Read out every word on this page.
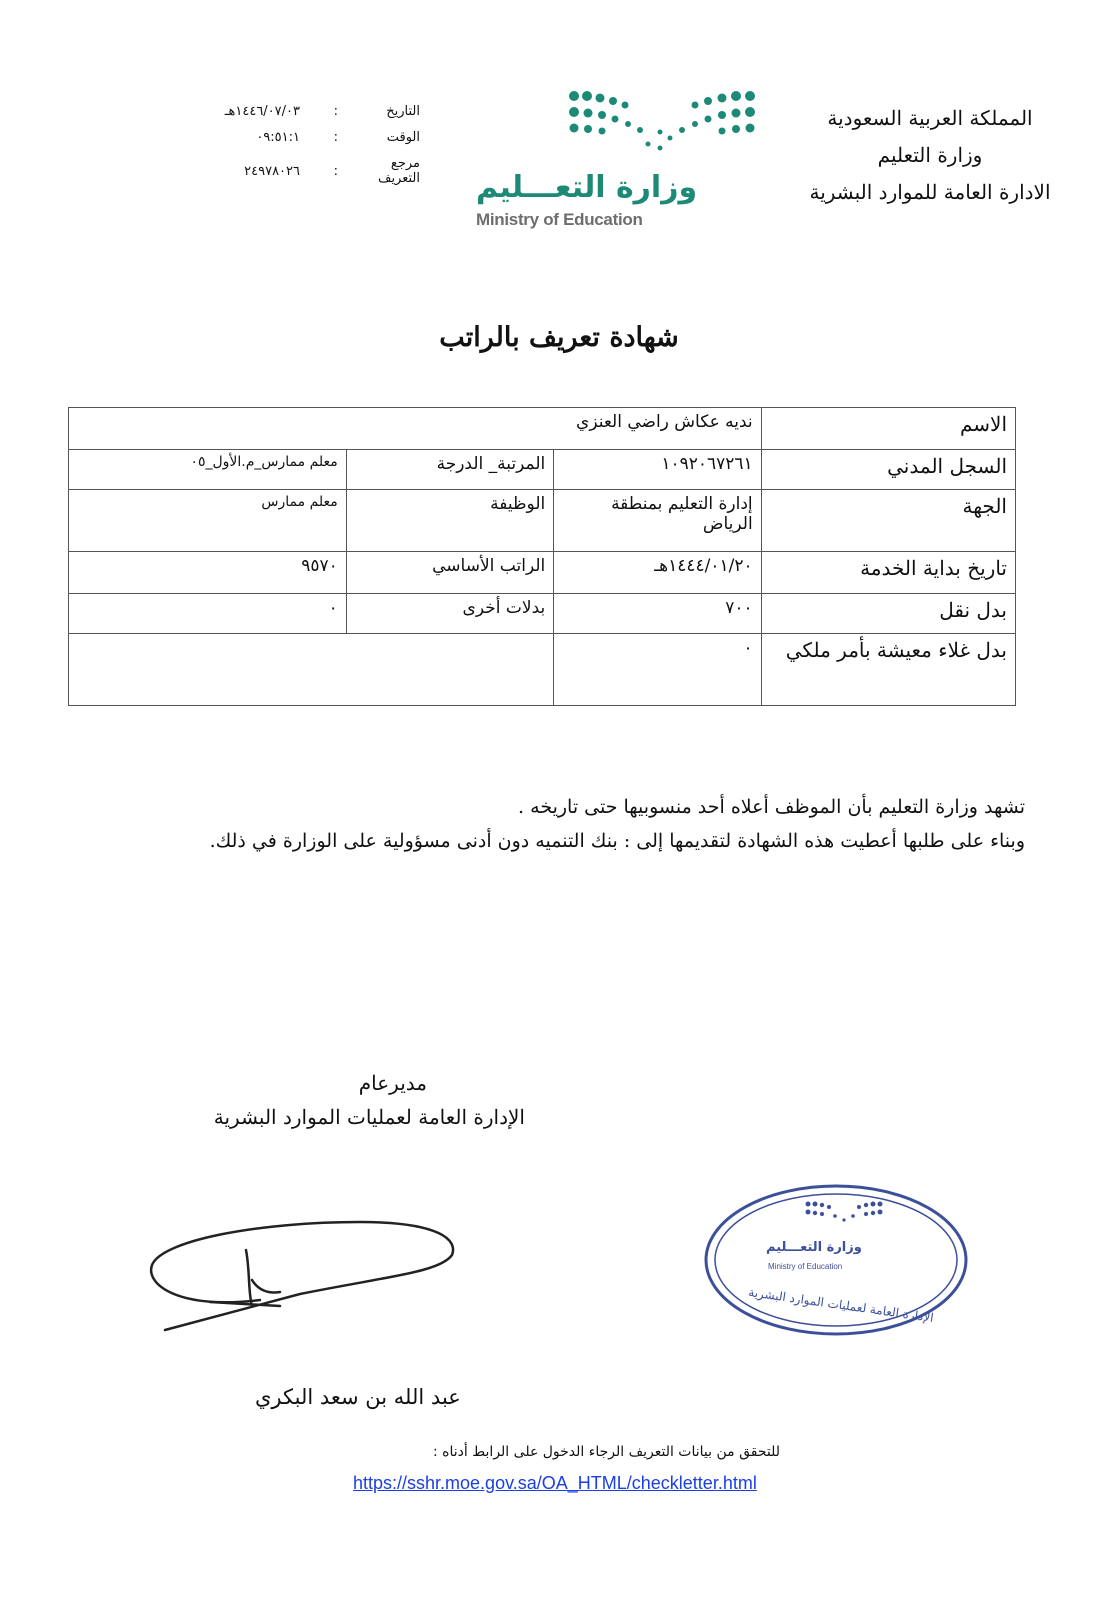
المملكة العربية السعودية
وزارة التعليم
الادارة العامة للموارد البشرية
التاريخ
:
١٤٤٦/٠٧/٠٣هـ
الوقت
:
٠٩:٥١:١
مرجع التعريف
:
٢٤٩٧٨٠٢٦	وزارة التعـــليم
Ministry of Education
شهادة تعريف بالراتب
الاسم	نديه عكاش راضي العنزي		
السجل المدني	١٠٩٢٠٦٧٢٦١	المرتبة_ الدرجة	معلم ممارس_م.الأول_٠٥
الجهة	إدارة التعليم بمنطقة الرياض	الوظيفة	معلم ممارس
تاريخ بداية الخدمة	١٤٤٤/٠١/٢٠هـ	الراتب الأساسي	٩٥٧٠
بدل نقل	٧٠٠	بدلات أخرى	٠
بدل غلاء معيشة بأمر ملكي	٠		
تشهد وزارة التعليم بأن الموظف أعلاه أحد منسوبيها حتى تاريخه .
وبناء على طلبها أعطيت هذه الشهادة لتقديمها إلى : بنك التنميه دون أدنى مسؤولية على الوزارة في ذلك.
مديرعام
الإدارة العامة لعمليات الموارد البشرية
عبد الله بن سعد البكري
وزارة التعـــليم
Ministry of Education
الإدارة العامة لعمليات الموارد البشرية
للتحقق من بيانات التعريف الرجاء الدخول على الرابط أدناه :
https://sshr.moe.gov.sa/OA_HTML/checkletter.html
